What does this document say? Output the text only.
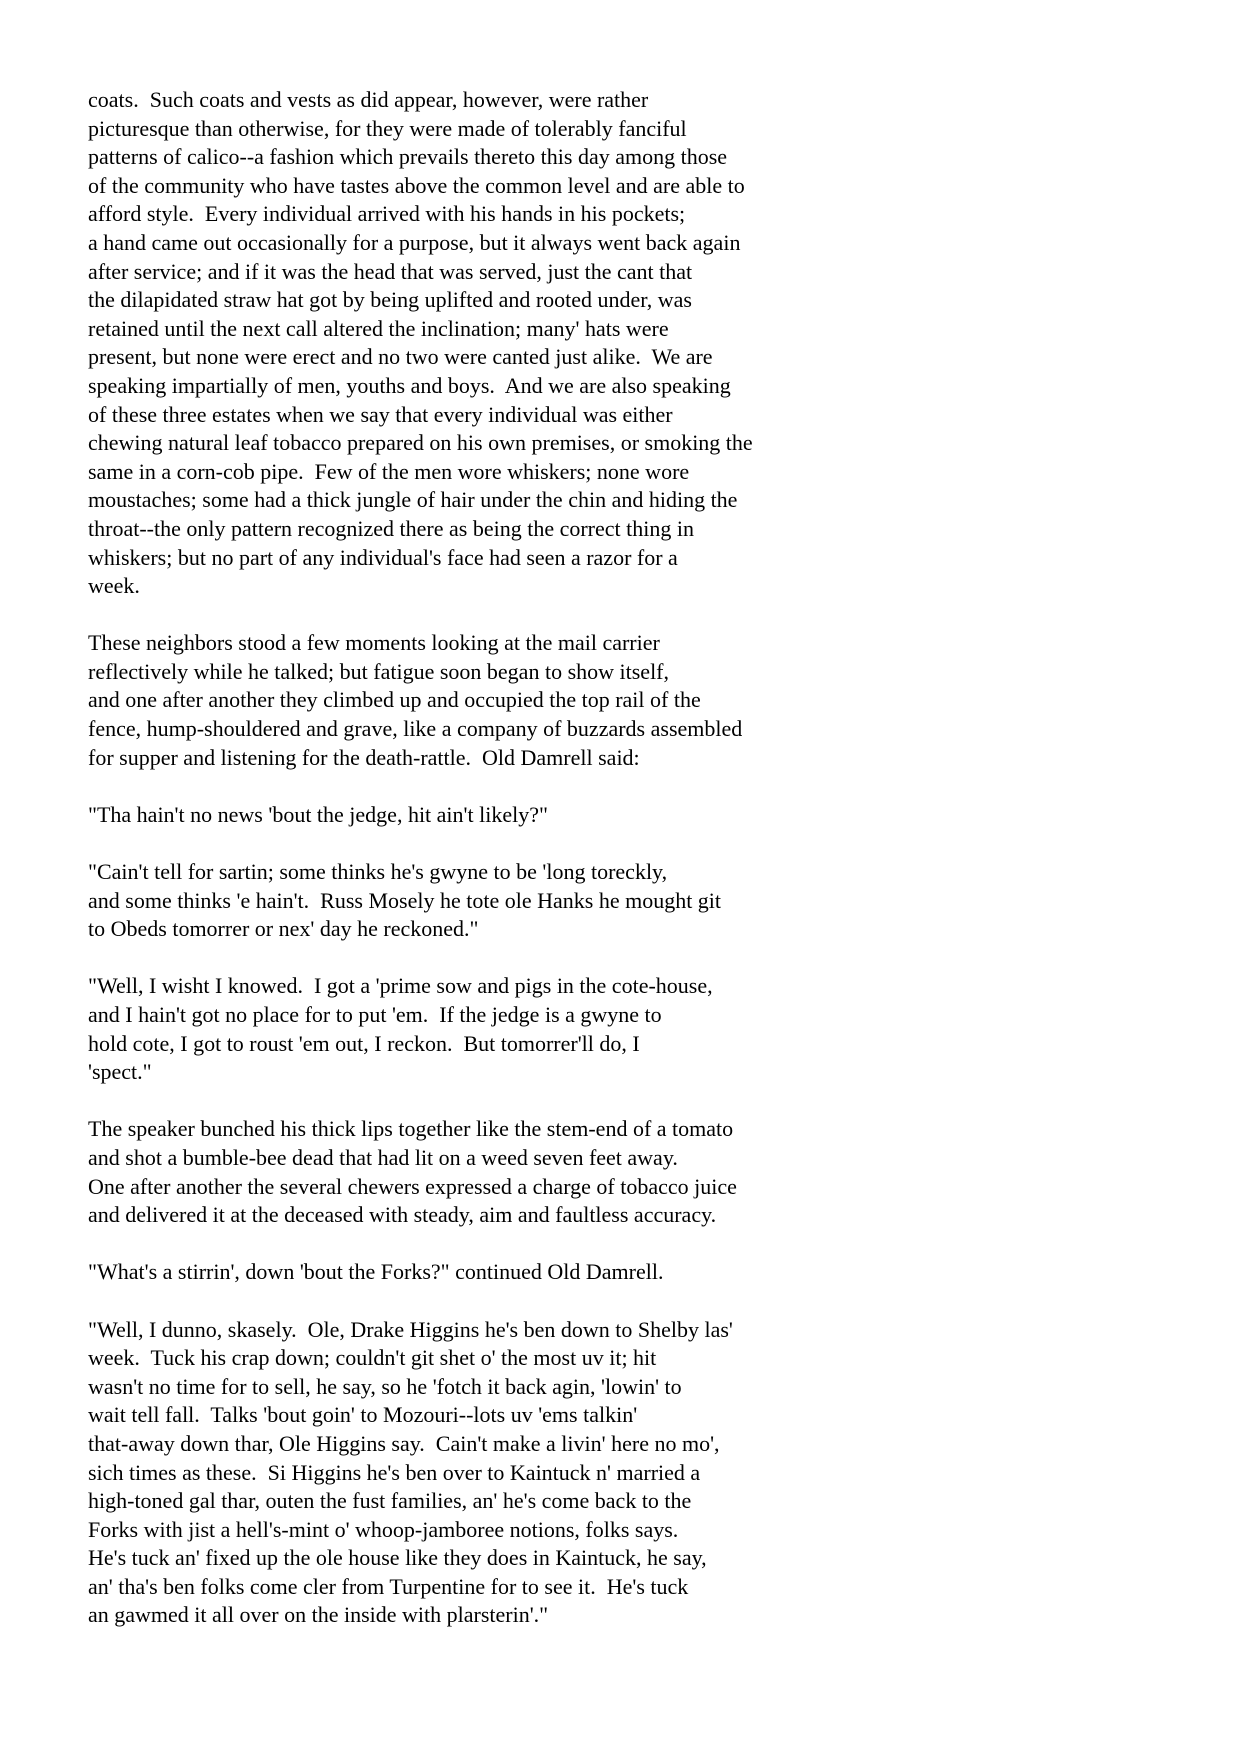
coats.  Such coats and vests as did appear, however, were rather
picturesque than otherwise, for they were made of tolerably fanciful
patterns of calico--a fashion which prevails thereto this day among those
of the community who have tastes above the common level and are able to
afford style.  Every individual arrived with his hands in his pockets;
a hand came out occasionally for a purpose, but it always went back again
after service; and if it was the head that was served, just the cant that
the dilapidated straw hat got by being uplifted and rooted under, was
retained until the next call altered the inclination; many' hats were
present, but none were erect and no two were canted just alike.  We are
speaking impartially of men, youths and boys.  And we are also speaking
of these three estates when we say that every individual was either
chewing natural leaf tobacco prepared on his own premises, or smoking the
same in a corn-cob pipe.  Few of the men wore whiskers; none wore
moustaches; some had a thick jungle of hair under the chin and hiding the
throat--the only pattern recognized there as being the correct thing in
whiskers; but no part of any individual's face had seen a razor for a
week.
These neighbors stood a few moments looking at the mail carrier
reflectively while he talked; but fatigue soon began to show itself,
and one after another they climbed up and occupied the top rail of the
fence, hump-shouldered and grave, like a company of buzzards assembled
for supper and listening for the death-rattle.  Old Damrell said:
"Tha hain't no news 'bout the jedge, hit ain't likely?"
"Cain't tell for sartin; some thinks he's gwyne to be 'long toreckly,
and some thinks 'e hain't.  Russ Mosely he tote ole Hanks he mought git
to Obeds tomorrer or nex' day he reckoned."
"Well, I wisht I knowed.  I got a 'prime sow and pigs in the cote-house,
and I hain't got no place for to put 'em.  If the jedge is a gwyne to
hold cote, I got to roust 'em out, I reckon.  But tomorrer'll do, I
'spect."
The speaker bunched his thick lips together like the stem-end of a tomato
and shot a bumble-bee dead that had lit on a weed seven feet away.
One after another the several chewers expressed a charge of tobacco juice
and delivered it at the deceased with steady, aim and faultless accuracy.
"What's a stirrin', down 'bout the Forks?" continued Old Damrell.
"Well, I dunno, skasely.  Ole, Drake Higgins he's ben down to Shelby las'
week.  Tuck his crap down; couldn't git shet o' the most uv it; hit
wasn't no time for to sell, he say, so he 'fotch it back agin, 'lowin' to
wait tell fall.  Talks 'bout goin' to Mozouri--lots uv 'ems talkin'
that-away down thar, Ole Higgins say.  Cain't make a livin' here no mo',
sich times as these.  Si Higgins he's ben over to Kaintuck n' married a
high-toned gal thar, outen the fust families, an' he's come back to the
Forks with jist a hell's-mint o' whoop-jamboree notions, folks says.
He's tuck an' fixed up the ole house like they does in Kaintuck, he say,
an' tha's ben folks come cler from Turpentine for to see it.  He's tuck
an gawmed it all over on the inside with plarsterin'."
